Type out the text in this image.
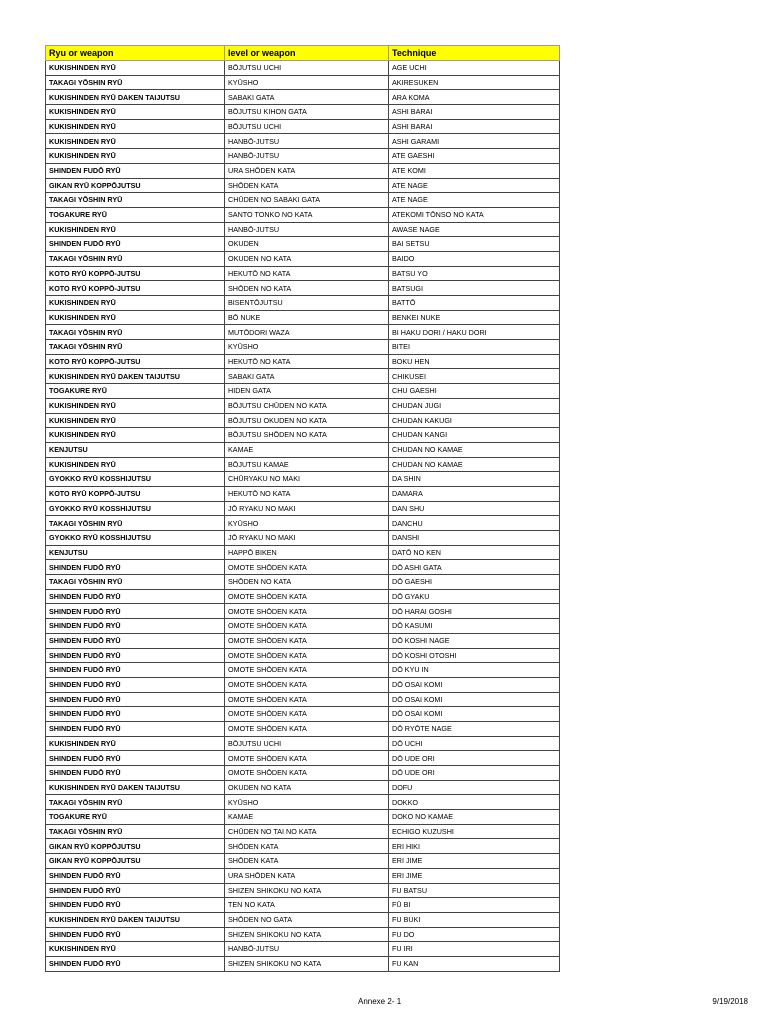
Ryu or weapon	level or weapon	Technique
KUKISHINDEN RYŪ	BŌJUTSU UCHI	AGE UCHI
TAKAGI YŌSHIN RYŪ	KYŪSHO	AKIRESUKEN
KUKISHINDEN RYŪ DAKEN TAIJUTSU	SABAKI GATA	ARA KOMA
KUKISHINDEN RYŪ	BŌJUTSU KIHON GATA	ASHI BARAI
KUKISHINDEN RYŪ	BŌJUTSU UCHI	ASHI BARAI
KUKISHINDEN RYŪ	HANBŌ-JUTSU	ASHI GARAMI
KUKISHINDEN RYŪ	HANBŌ-JUTSU	ATE GAESHI
SHINDEN FUDŌ RYŪ	URA SHŌDEN KATA	ATE KOMI
GIKAN RYŪ KOPPŌJUTSU	SHŌDEN KATA	ATE NAGE
TAKAGI YŌSHIN RYŪ	CHŪDEN NO SABAKI GATA	ATE NAGE
TOGAKURE RYŪ	SANTO TONKO NO KATA	ATEKOMI TŌNSO NO KATA
KUKISHINDEN RYŪ	HANBŌ-JUTSU	AWASE NAGE
SHINDEN FUDŌ RYŪ	OKUDEN	BAI SETSU
TAKAGI YŌSHIN RYŪ	OKUDEN NO KATA	BAIDO
KOTO RYŪ KOPPŌ-JUTSU	HEKUTŌ NO KATA	BATSU YO
KOTO RYŪ KOPPŌ-JUTSU	SHŌDEN NO KATA	BATSUGI
KUKISHINDEN RYŪ	BISENTŌJUTSU	BATTŌ
KUKISHINDEN RYŪ	BŌ NUKE	BENKEI NUKE
TAKAGI YŌSHIN RYŪ	MUTŌDORI WAZA	BI HAKU DORI / HAKU DORI
TAKAGI YŌSHIN RYŪ	KYŪSHO	BITEI
KOTO RYŪ KOPPŌ-JUTSU	HEKUTŌ NO KATA	BOKU HEN
KUKISHINDEN RYŪ DAKEN TAIJUTSU	SABAKI GATA	CHIKUSEI
TOGAKURE RYŪ	HIDEN GATA	CHU GAESHI
KUKISHINDEN RYŪ	BŌJUTSU CHŪDEN NO KATA	CHUDAN JUGI
KUKISHINDEN RYŪ	BŌJUTSU OKUDEN NO KATA	CHUDAN KAKUGI
KUKISHINDEN RYŪ	BŌJUTSU SHŌDEN NO KATA	CHUDAN KANGI
KENJUTSU	KAMAE	CHUDAN NO KAMAE
KUKISHINDEN RYŪ	BŌJUTSU KAMAE	CHUDAN NO KAMAE
GYOKKO RYŪ KOSSHIJUTSU	CHŪRYAKU NO MAKI	DA SHIN
KOTO RYŪ KOPPŌ-JUTSU	HEKUTŌ NO KATA	DAMARA
GYOKKO RYŪ KOSSHIJUTSU	JŌ RYAKU NO MAKI	DAN SHU
TAKAGI YŌSHIN RYŪ	KYŪSHO	DANCHU
GYOKKO RYŪ KOSSHIJUTSU	JŌ RYAKU NO MAKI	DANSHI
KENJUTSU	HAPPŌ BIKEN	DATŌ NO KEN
SHINDEN FUDŌ RYŪ	OMOTE SHŌDEN KATA	DŌ ASHI GATA
TAKAGI YŌSHIN RYŪ	SHŌDEN NO KATA	DŌ GAESHI
SHINDEN FUDŌ RYŪ	OMOTE SHŌDEN KATA	DŌ GYAKU
SHINDEN FUDŌ RYŪ	OMOTE SHŌDEN KATA	DŌ HARAI GOSHI
SHINDEN FUDŌ RYŪ	OMOTE SHŌDEN KATA	DŌ KASUMI
SHINDEN FUDŌ RYŪ	OMOTE SHŌDEN KATA	DŌ KOSHI NAGE
SHINDEN FUDŌ RYŪ	OMOTE SHŌDEN KATA	DŌ KOSHI OTOSHI
SHINDEN FUDŌ RYŪ	OMOTE SHŌDEN KATA	DŌ KYU IN
SHINDEN FUDŌ RYŪ	OMOTE SHŌDEN KATA	DŌ OSAI KOMI
SHINDEN FUDŌ RYŪ	OMOTE SHŌDEN KATA	DŌ OSAI KOMI
SHINDEN FUDŌ RYŪ	OMOTE SHŌDEN KATA	DŌ OSAI KOMI
SHINDEN FUDŌ RYŪ	OMOTE SHŌDEN KATA	DŌ RYŌTE NAGE
KUKISHINDEN RYŪ	BŌJUTSU UCHI	DŌ UCHI
SHINDEN FUDŌ RYŪ	OMOTE SHŌDEN KATA	DŌ UDE ORI
SHINDEN FUDŌ RYŪ	OMOTE SHŌDEN KATA	DŌ UDE ORI
KUKISHINDEN RYŪ DAKEN TAIJUTSU	OKUDEN NO KATA	DOFU
TAKAGI YŌSHIN RYŪ	KYŪSHO	DOKKO
TOGAKURE RYŪ	KAMAE	DOKO NO KAMAE
TAKAGI YŌSHIN RYŪ	CHŪDEN NO TAI NO KATA	ECHIGO KUZUSHI
GIKAN RYŪ KOPPŌJUTSU	SHŌDEN KATA	ERI HIKI
GIKAN RYŪ KOPPŌJUTSU	SHŌDEN KATA	ERI JIME
SHINDEN FUDŌ RYŪ	URA SHŌDEN KATA	ERI JIME
SHINDEN FUDŌ RYŪ	SHIZEN SHIKOKU NO KATA	FU BATSU
SHINDEN FUDŌ RYŪ	TEN NO KATA	FŪ BI
KUKISHINDEN RYŪ DAKEN TAIJUTSU	SHŌDEN NO GATA	FU BUKI
SHINDEN FUDŌ RYŪ	SHIZEN SHIKOKU NO KATA	FU DO
KUKISHINDEN RYŪ	HANBŌ-JUTSU	FU IRI
SHINDEN FUDŌ RYŪ	SHIZEN SHIKOKU NO KATA	FU KAN
Annexe 2- 1	9/19/2018
